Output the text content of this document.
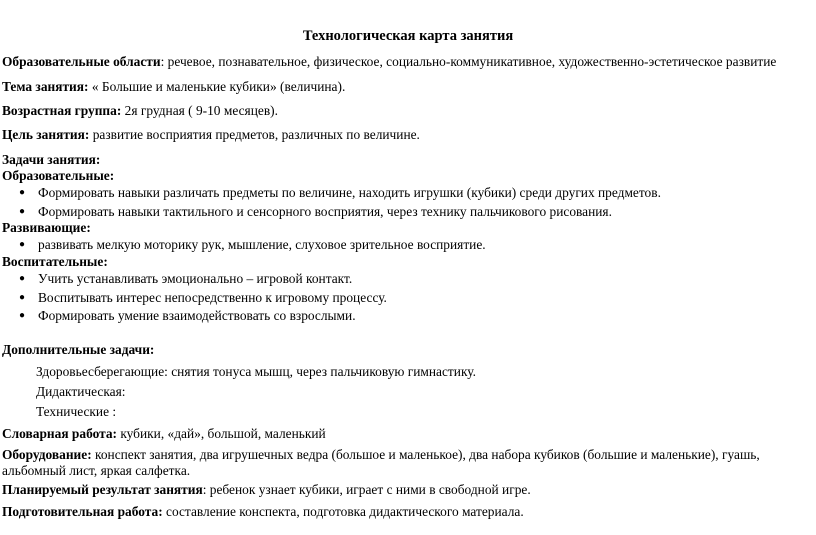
Технологическая карта занятия
Образовательные области: речевое, познавательное, физическое, социально-коммуникативное, художественно-эстетическое развитие
Тема занятия: « Большие и маленькие кубики» (величина).
Возрастная группа: 2я грудная ( 9-10 месяцев).
Цель занятия: развитие восприятия предметов, различных по величине.
Задачи занятия:
Образовательные:
● Формировать навыки различать предметы по величине, находить игрушки (кубики) среди других предметов.
● Формировать навыки тактильного и сенсорного восприятия, через технику пальчикового рисования.
Развивающие:
● развивать мелкую моторику рук, мышление, слуховое зрительное восприятие.
Воспитательные:
● Учить устанавливать эмоционально – игровой контакт.
● Воспитывать интерес непосредственно к игровому процессу.
● Формировать умение взаимодействовать со взрослыми.
Дополнительные задачи:
Здоровьесберегающие: снятия тонуса мышц, через пальчиковую гимнастику.
Дидактическая:
Технические :
Словарная работа: кубики, «дай», большой, маленький
Оборудование: конспект занятия, два игрушечных ведра (большое и маленькое), два набора кубиков (большие и маленькие), гуашь, альбомный лист, яркая салфетка.
Планируемый результат занятия: ребенок узнает кубики, играет с ними в свободной игре.
Подготовительная работа: составление конспекта, подготовка дидактического материала.
